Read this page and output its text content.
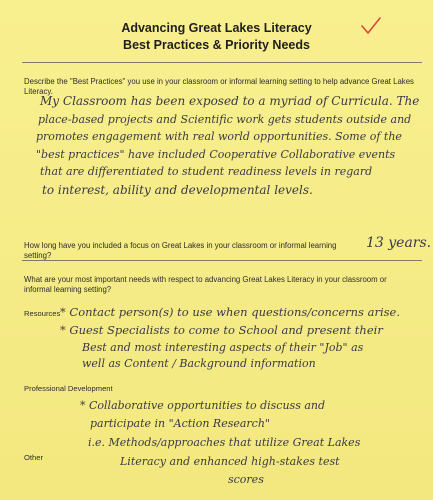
Advancing Great Lakes Literacy
Best Practices & Priority Needs
Describe the "Best Practices" you use in your classroom or informal learning setting to help advance Great Lakes Literacy.
My Classroom has been exposed to a myriad of Curricula. The
place-based projects and Scientific work gets students outside and
promotes engagement with real world opportunities. Some of the
"best practices" have included Cooperative Collaborative events
that are differentiated to student readiness levels in regard
to interest, ability and developmental levels.
How long have you included a focus on Great Lakes in your classroom or informal learning setting?
13 years.
What are your most important needs with respect to advancing Great Lakes Literacy in your classroom or informal learning setting?
Resources * Contact person(s) to use when questions/concerns arise.
* Guest Specialists to come to School and present their
Best and most interesting aspects of their "Job" as
well as Content / Background information
Professional Development
* Collaborative opportunities to discuss and
participate in "Action Research"
Other
i.e. Methods/approaches that utilize Great Lakes
Literacy and enhanced high-stakes test
scores
